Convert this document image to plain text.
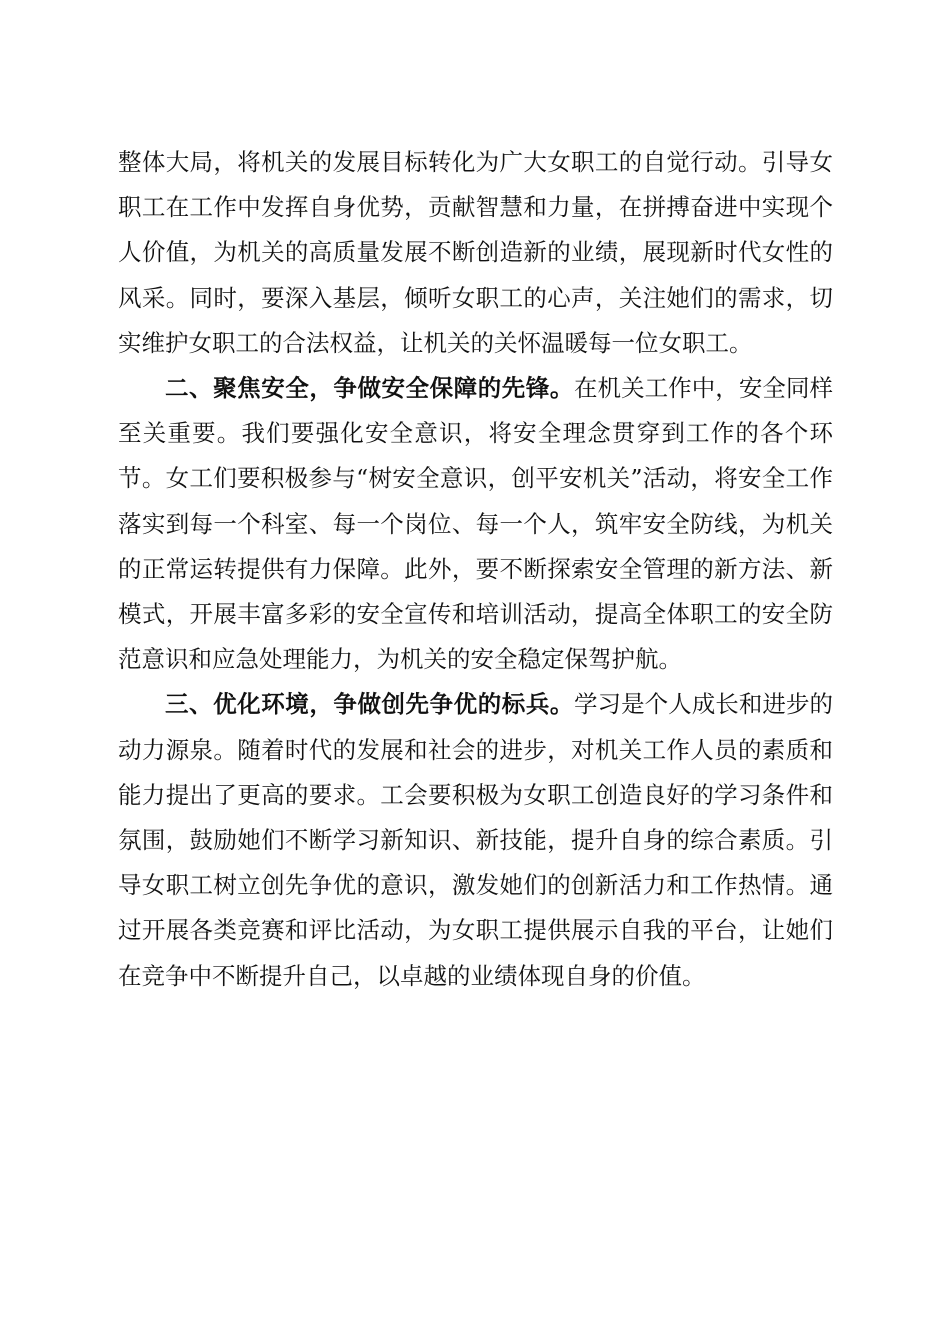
整体大局，将机关的发展目标转化为广大女职工的自觉行动。引导女职工在工作中发挥自身优势，贡献智慧和力量，在拼搏奋进中实现个人价值，为机关的高质量发展不断创造新的业绩，展现新时代女性的风采。同时，要深入基层，倾听女职工的心声，关注她们的需求，切实维护女职工的合法权益，让机关的关怀温暖每一位女职工。

二、聚焦安全，争做安全保障的先锋。在机关工作中，安全同样至关重要。我们要强化安全意识，将安全理念贯穿到工作的各个环节。女工们要积极参与“树安全意识，创平安机关”活动，将安全工作落实到每一个科室、每一个岗位、每一个人，筑牢安全防线，为机关的正常运转提供有力保障。此外，要不断探索安全管理的新方法、新模式，开展丰富多彩的安全宣传和培训活动，提高全体职工的安全防范意识和应急处理能力，为机关的安全稳定保驾护航。

三、优化环境，争做创先争优的标兵。学习是个人成长和进步的动力源泉。随着时代的发展和社会的进步，对机关工作人员的素质和能力提出了更高的要求。工会要积极为女职工创造良好的学习条件和氛围，鼓励她们不断学习新知识、新技能，提升自身的综合素质。引导女职工树立创先争优的意识，激发她们的创新活力和工作热情。通过开展各类竞赛和评比活动，为女职工提供展示自我的平台，让她们在竞争中不断提升自己，以卓越的业绩体现自身的价值。
